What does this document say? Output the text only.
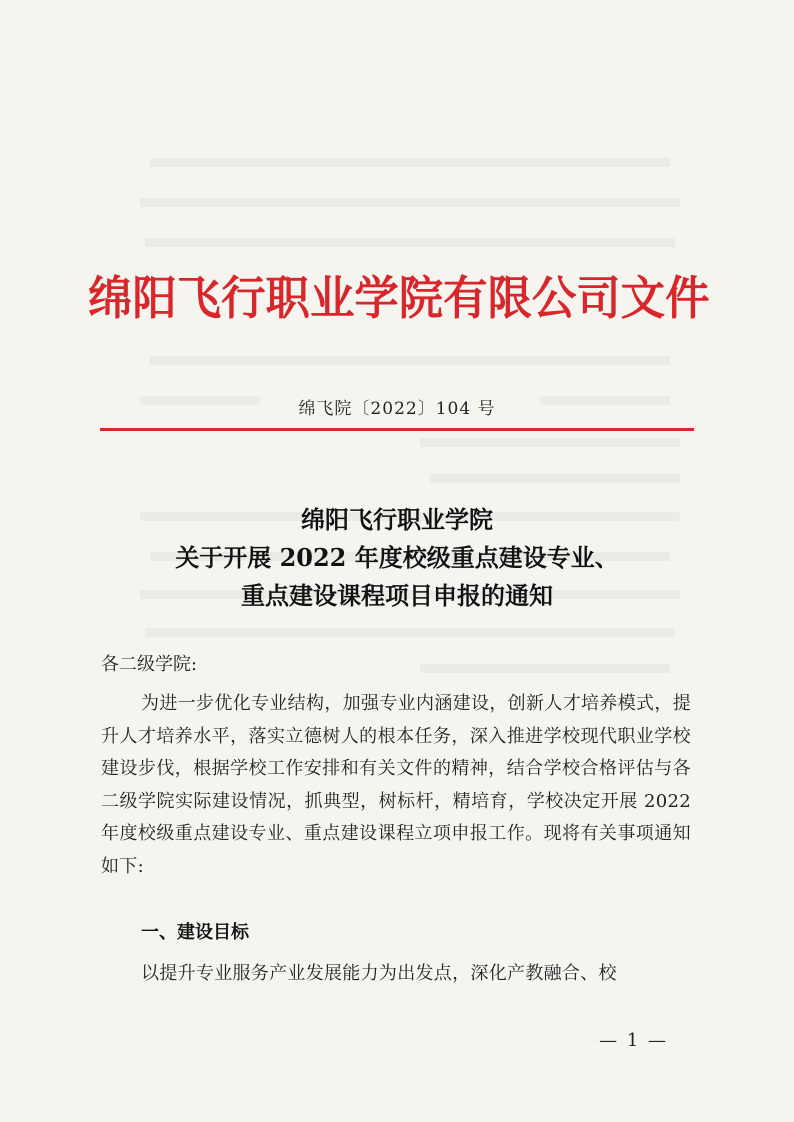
绵阳飞行职业学院有限公司文件
绵飞院〔2022〕104 号
绵阳飞行职业学院
关于开展 2022 年度校级重点建设专业、
重点建设课程项目申报的通知
各二级学院:
为进一步优化专业结构，加强专业内涵建设，创新人才培养模式，提升人才培养水平，落实立德树人的根本任务，深入推进学校现代职业学校建设步伐，根据学校工作安排和有关文件的精神，结合学校合格评估与各二级学院实际建设情况，抓典型，树标杆，精培育，学校决定开展 2022 年度校级重点建设专业、重点建设课程立项申报工作。现将有关事项通知如下:
一、建设目标
以提升专业服务产业发展能力为出发点，深化产教融合、校
— 1 —
